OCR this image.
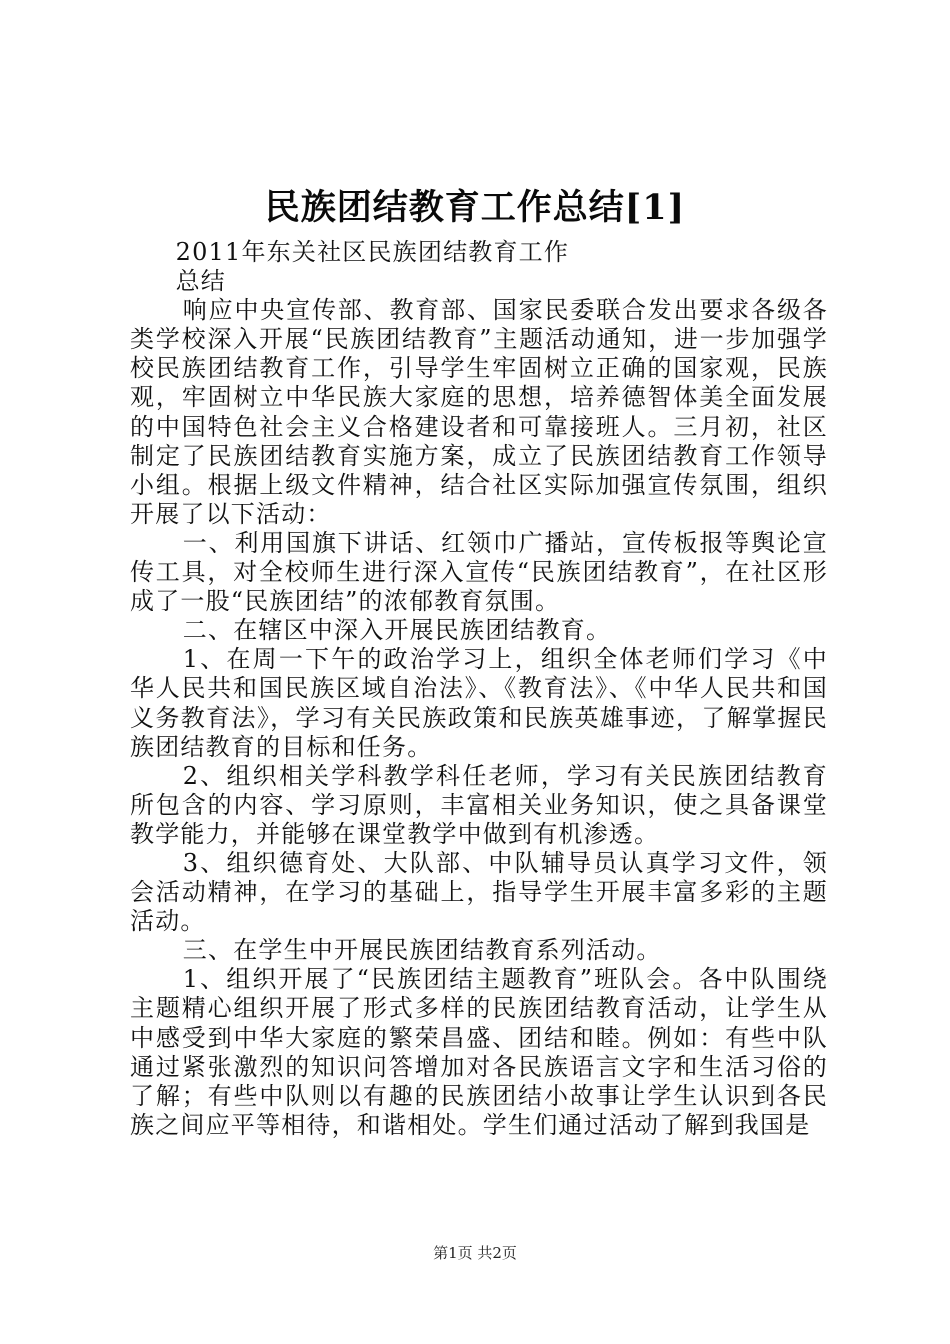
民族团结教育工作总结[1]

2011年东关社区民族团结教育工作

总结

响应中央宣传部、教育部、国家民委联合发出要求各级各类学校深入开展“民族团结教育”主题活动通知，进一步加强学校民族团结教育工作，引导学生牢固树立正确的国家观，民族观，牢固树立中华民族大家庭的思想，培养德智体美全面发展的中国特色社会主义合格建设者和可靠接班人。三月初，社区制定了民族团结教育实施方案，成立了民族团结教育工作领导小组。根据上级文件精神，结合社区实际加强宣传氛围，组织开展了以下活动：

一、利用国旗下讲话、红领巾广播站，宣传板报等舆论宣传工具，对全校师生进行深入宣传“民族团结教育”，在社区形成了一股“民族团结”的浓郁教育氛围。

二、在辖区中深入开展民族团结教育。

1、在周一下午的政治学习上，组织全体老师们学习《中华人民共和国民族区域自治法》、《教育法》、《中华人民共和国义务教育法》，学习有关民族政策和民族英雄事迹，了解掌握民族团结教育的目标和任务。

2、组织相关学科教学科任老师，学习有关民族团结教育所包含的内容、学习原则，丰富相关业务知识，使之具备课堂教学能力，并能够在课堂教学中做到有机渗透。

3、组织德育处、大队部、中队辅导员认真学习文件，领会活动精神，在学习的基础上，指导学生开展丰富多彩的主题活动。

三、在学生中开展民族团结教育系列活动。

1、组织开展了“民族团结主题教育”班队会。各中队围绕主题精心组织开展了形式多样的民族团结教育活动，让学生从中感受到中华大家庭的繁荣昌盛、团结和睦。例如：有些中队通过紧张激烈的知识问答增加对各民族语言文字和生活习俗的了解；有些中队则以有趣的民族团结小故事让学生认识到各民族之间应平等相待，和谐相处。学生们通过活动了解到我国是

第1页 共2页
